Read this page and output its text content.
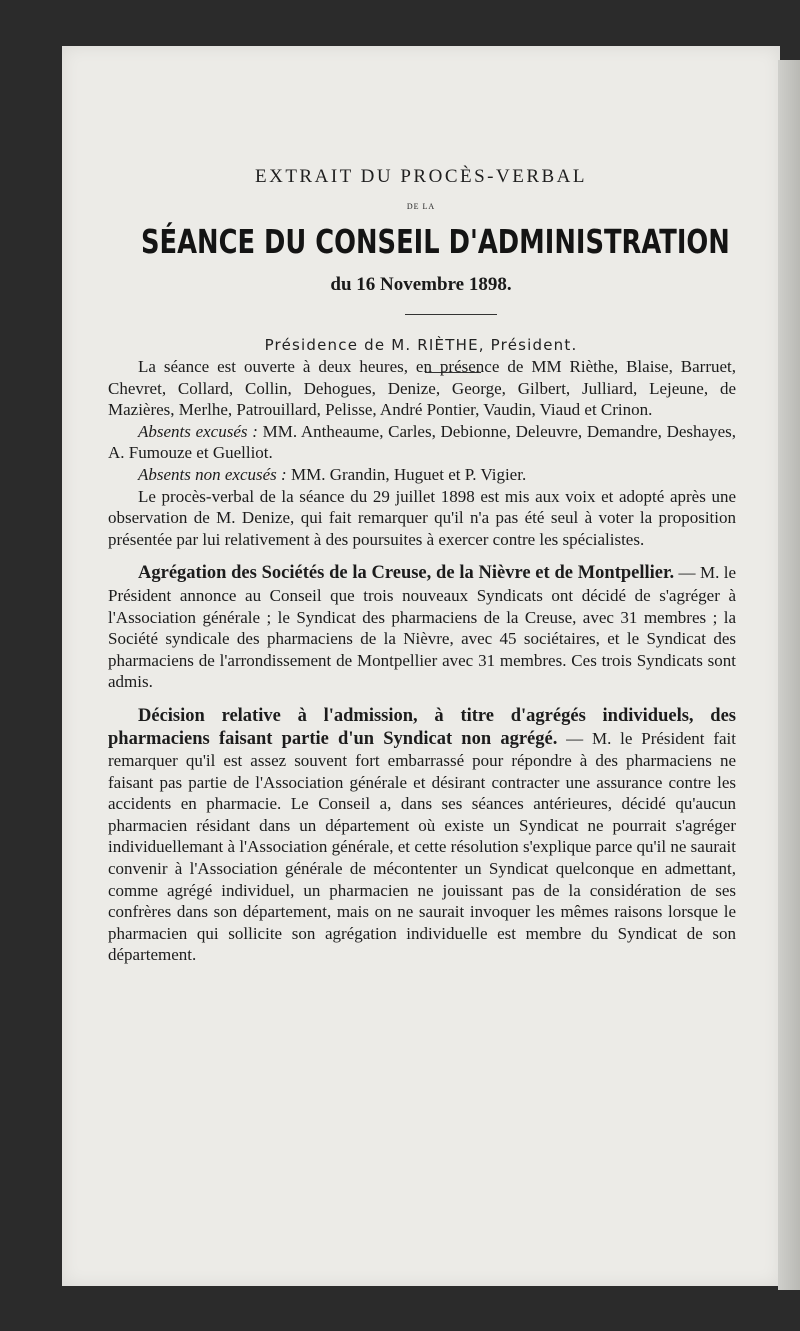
EXTRAIT DU PROCÈS-VERBAL
DE LA
SÉANCE DU CONSEIL D'ADMINISTRATION
du 16 Novembre 1898.
Présidence de M. RIÈTHE, Président.

La séance est ouverte à deux heures, en présence de MM Rièthe, Blaise, Barruet, Chevret, Collard, Collin, Dehogues, Denize, George, Gilbert, Julliard, Lejeune, de Mazières, Merlhe, Patrouillard, Pelisse, André Pontier, Vaudin, Viaud et Crinon.

Absents excusés : MM. Antheaume, Carles, Debionne, Deleuvre, Demandre, Deshayes, A. Fumouze et Guelliot.

Absents non excusés : MM. Grandin, Huguet et P. Vigier.

Le procès-verbal de la séance du 29 juillet 1898 est mis aux voix et adopté après une observation de M. Denize, qui fait remarquer qu'il n'a pas été seul à voter la proposition présentée par lui relativement à des poursuites à exercer contre les spécialistes.

Agrégation des Sociétés de la Creuse, de la Nièvre et de Montpellier. — M. le Président annonce au Conseil que trois nouveaux Syndicats ont décidé de s'agréger à l'Association générale ; le Syndicat des pharmaciens de la Creuse, avec 31 membres ; la Société syndicale des pharmaciens de la Nièvre, avec 45 sociétaires, et le Syndicat des pharmaciens de l'arrondissement de Montpellier avec 31 membres. Ces trois Syndicats sont admis.

Décision relative à l'admission, à titre d'agrégés individuels, des pharmaciens faisant partie d'un Syndicat non agrégé. — M. le Président fait remarquer qu'il est assez souvent fort embarrassé pour répondre à des pharmaciens ne faisant pas partie de l'Association générale et désirant contracter une assurance contre les accidents en pharmacie. Le Conseil a, dans ses séances antérieures, décidé qu'aucun pharmacien résidant dans un département où existe un Syndicat ne pourrait s'agréger individuellemant à l'Association générale, et cette résolution s'explique parce qu'il ne saurait convenir à l'Association générale de mécontenter un Syndicat quelconque en admettant, comme agrégé individuel, un pharmacien ne jouissant pas de la considération de ses confrères dans son département, mais on ne saurait invoquer les mêmes raisons lorsque le pharmacien qui sollicite son agrégation individuelle est membre du Syndicat de son département.
